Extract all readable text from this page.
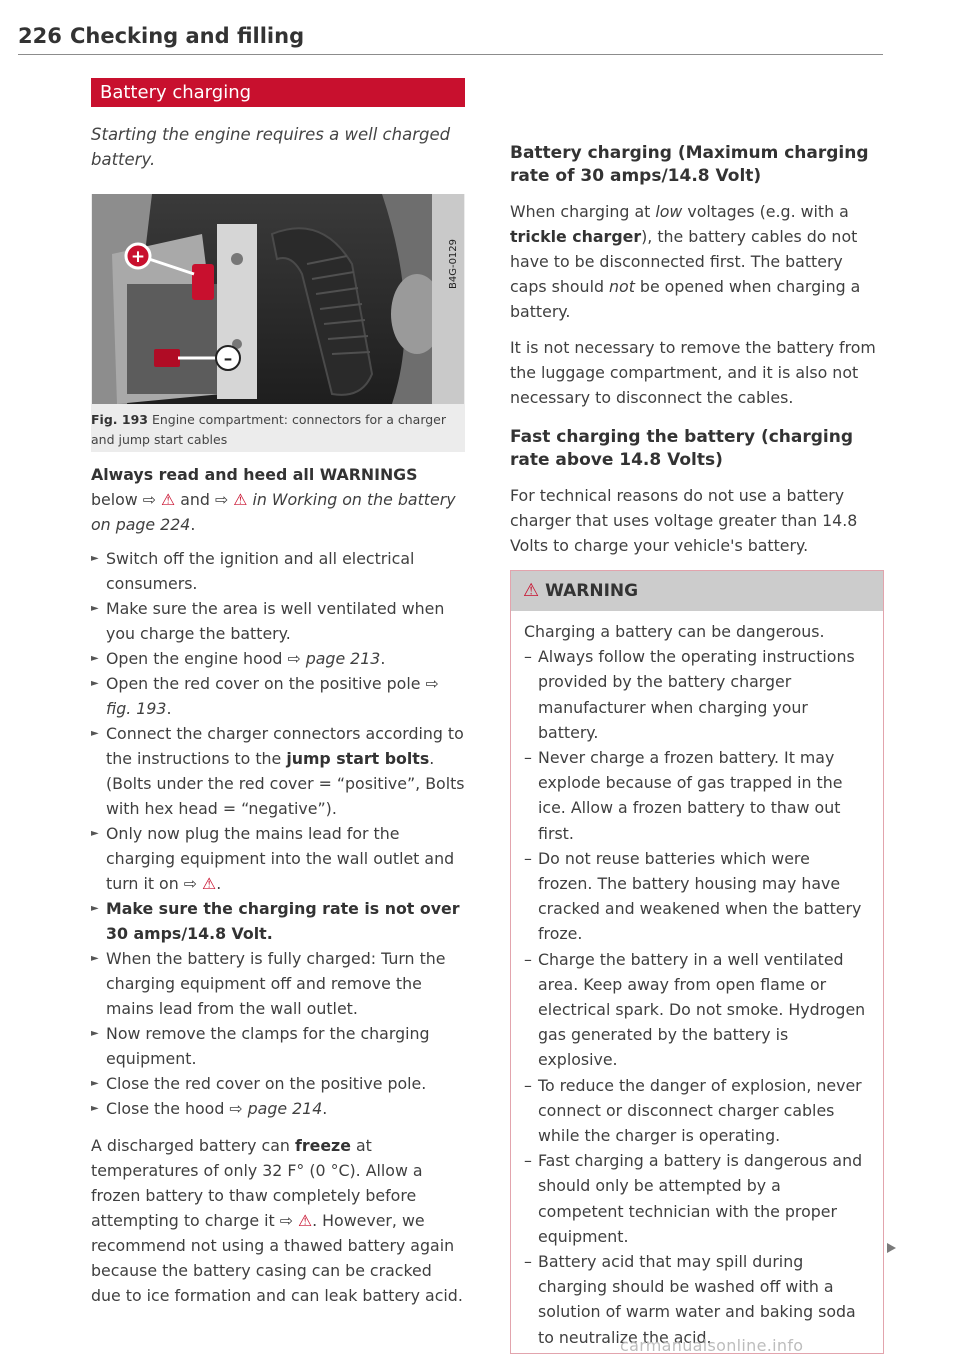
226 Checking and filling
Battery charging
Starting the engine requires a well charged battery.
+
–
B4G-0129
Fig. 193 Engine compartment: connectors for a charger and jump start cables

Always read and heed all WARNINGS below ⇨ ⚠ and ⇨ ⚠ in Working on the battery on page 224.

► Switch off the ignition and all electrical consumers.
► Make sure the area is well ventilated when you charge the battery.
► Open the engine hood ⇨ page 213.
► Open the red cover on the positive pole ⇨ fig. 193.
► Connect the charger connectors according to the instructions to the jump start bolts. (Bolts under the red cover = “positive”, Bolts with hex head = “negative”).
► Only now plug the mains lead for the charging equipment into the wall outlet and turn it on ⇨ ⚠.
► Make sure the charging rate is not over 30 amps/14.8 Volt.
► When the battery is fully charged: Turn the charging equipment off and remove the mains lead from the wall outlet.
► Now remove the clamps for the charging equipment.
► Close the red cover on the positive pole.
► Close the hood ⇨ page 214.

A discharged battery can freeze at temperatures of only 32 F° (0 °C). Allow a frozen battery to thaw completely before attempting to charge it ⇨ ⚠. However, we recommend not using a thawed battery again because the battery casing can be cracked due to ice formation and can leak battery acid.

Battery charging (Maximum charging rate of 30 amps/14.8 Volt)

When charging at low voltages (e.g. with a trickle charger), the battery cables do not have to be disconnected first. The battery caps should not be opened when charging a battery.

It is not necessary to remove the battery from the luggage compartment, and it is also not necessary to disconnect the cables.

Fast charging the battery (charging rate above 14.8 Volts)

For technical reasons do not use a battery charger that uses voltage greater than 14.8 Volts to charge your vehicle's battery.

⚠ WARNING

Charging a battery can be dangerous.

– Always follow the operating instructions provided by the battery charger manufacturer when charging your battery.
– Never charge a frozen battery. It may explode because of gas trapped in the ice. Allow a frozen battery to thaw out first.
– Do not reuse batteries which were frozen. The battery housing may have cracked and weakened when the battery froze.
– Charge the battery in a well ventilated area. Keep away from open flame or electrical spark. Do not smoke. Hydrogen gas generated by the battery is explosive.
– To reduce the danger of explosion, never connect or disconnect charger cables while the charger is operating.
– Fast charging a battery is dangerous and should only be attempted by a competent technician with the proper equipment.
– Battery acid that may spill during charging should be washed off with a solution of warm water and baking soda to neutralize the acid.
carmanualsonline.info
